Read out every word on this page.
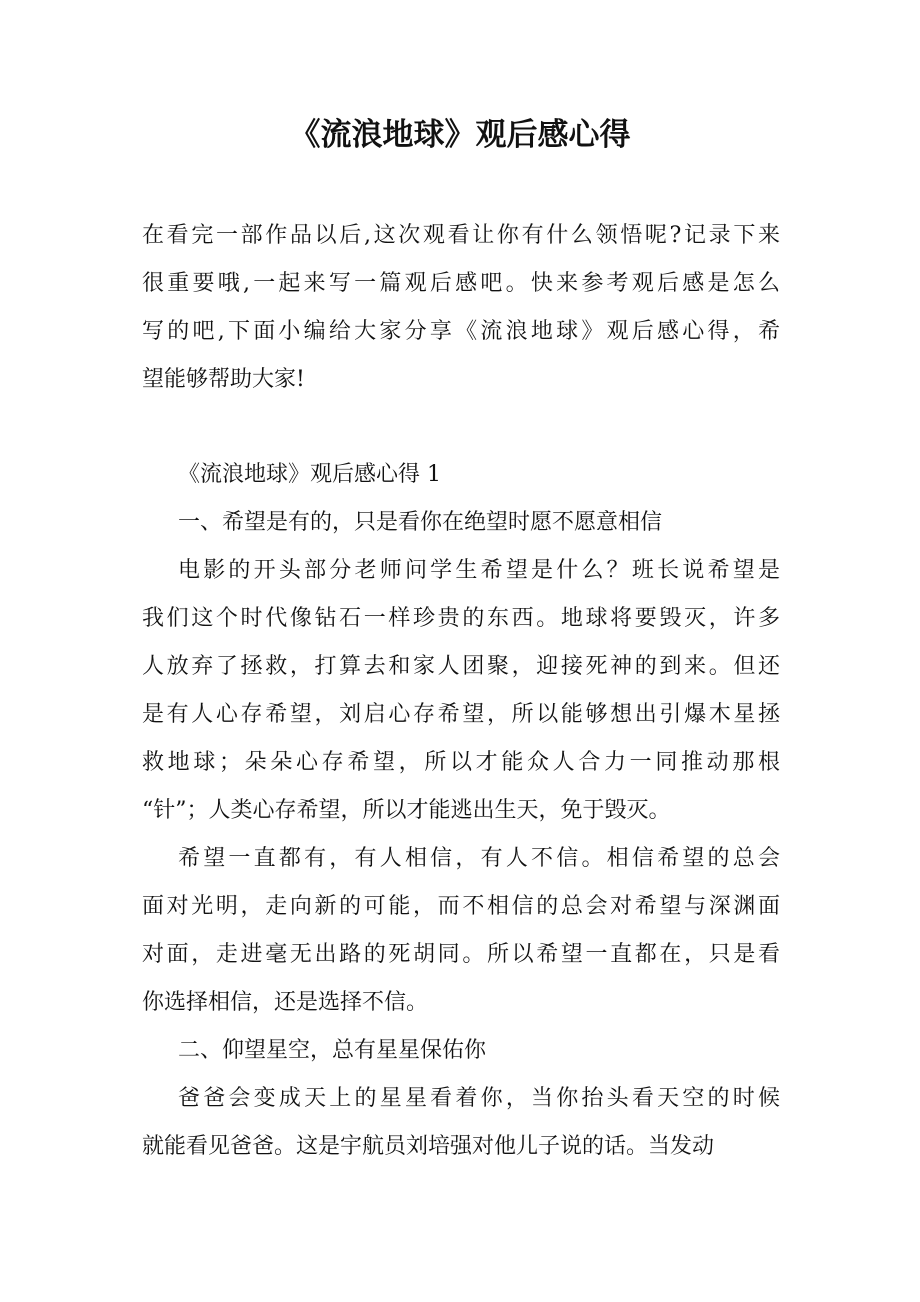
《流浪地球》观后感心得
在看完一部作品以后,这次观看让你有什么领悟呢?记录下来
很重要哦,一起来写一篇观后感吧。快来参考观后感是怎么
写的吧,下面小编给大家分享《流浪地球》观后感心得，希
望能够帮助大家!
《流浪地球》观后感心得 1
一、希望是有的，只是看你在绝望时愿不愿意相信
电影的开头部分老师问学生希望是什么？班长说希望是
我们这个时代像钻石一样珍贵的东西。地球将要毁灭，许多
人放弃了拯救，打算去和家人团聚，迎接死神的到来。但还
是有人心存希望，刘启心存希望，所以能够想出引爆木星拯
救地球；朵朵心存希望，所以才能众人合力一同推动那根
“针”；人类心存希望，所以才能逃出生天，免于毁灭。
希望一直都有，有人相信，有人不信。相信希望的总会
面对光明，走向新的可能，而不相信的总会对希望与深渊面
对面，走进毫无出路的死胡同。所以希望一直都在，只是看
你选择相信，还是选择不信。
二、仰望星空，总有星星保佑你
爸爸会变成天上的星星看着你，当你抬头看天空的时候
就能看见爸爸。这是宇航员刘培强对他儿子说的话。当发动
